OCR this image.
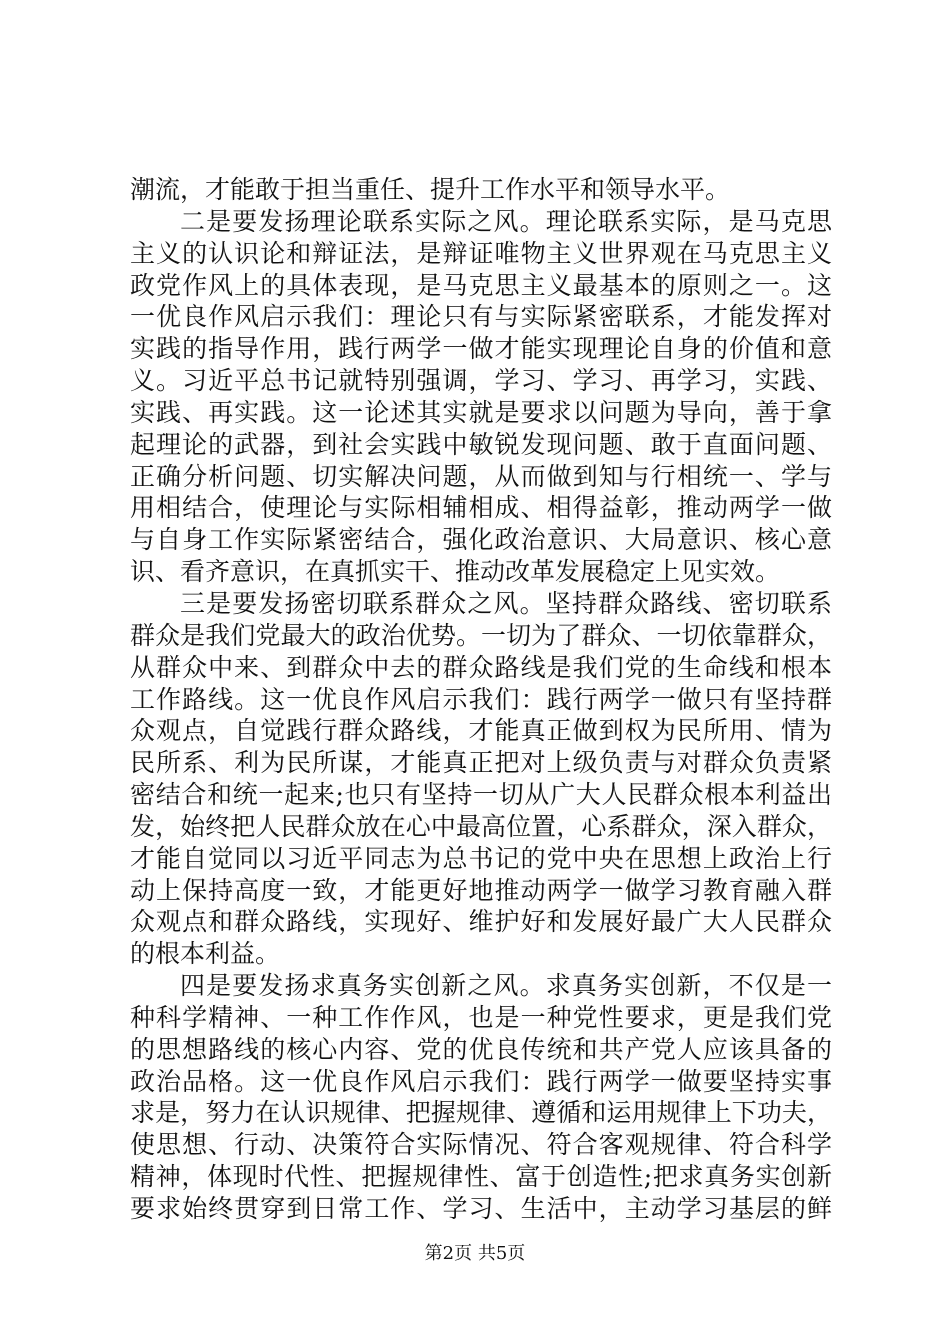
潮流，才能敢于担当重任、提升工作水平和领导水平。
二是要发扬理论联系实际之风。理论联系实际，是马克思
主义的认识论和辩证法，是辩证唯物主义世界观在马克思主义
政党作风上的具体表现，是马克思主义最基本的原则之一。这
一优良作风启示我们：理论只有与实际紧密联系，才能发挥对
实践的指导作用，践行两学一做才能实现理论自身的价值和意
义。习近平总书记就特别强调，学习、学习、再学习，实践、
实践、再实践。这一论述其实就是要求以问题为导向，善于拿
起理论的武器，到社会实践中敏锐发现问题、敢于直面问题、
正确分析问题、切实解决问题，从而做到知与行相统一、学与
用相结合，使理论与实际相辅相成、相得益彰，推动两学一做
与自身工作实际紧密结合，强化政治意识、大局意识、核心意
识、看齐意识，在真抓实干、推动改革发展稳定上见实效。
三是要发扬密切联系群众之风。坚持群众路线、密切联系
群众是我们党最大的政治优势。一切为了群众、一切依靠群众，
从群众中来、到群众中去的群众路线是我们党的生命线和根本
工作路线。这一优良作风启示我们：践行两学一做只有坚持群
众观点，自觉践行群众路线，才能真正做到权为民所用、情为
民所系、利为民所谋，才能真正把对上级负责与对群众负责紧
密结合和统一起来;也只有坚持一切从广大人民群众根本利益出
发，始终把人民群众放在心中最高位置，心系群众，深入群众，
才能自觉同以习近平同志为总书记的党中央在思想上政治上行
动上保持高度一致，才能更好地推动两学一做学习教育融入群
众观点和群众路线，实现好、维护好和发展好最广大人民群众
的根本利益。
四是要发扬求真务实创新之风。求真务实创新，不仅是一
种科学精神、一种工作作风，也是一种党性要求，更是我们党
的思想路线的核心内容、党的优良传统和共产党人应该具备的
政治品格。这一优良作风启示我们：践行两学一做要坚持实事
求是，努力在认识规律、把握规律、遵循和运用规律上下功夫，
使思想、行动、决策符合实际情况、符合客观规律、符合科学
精神，体现时代性、把握规律性、富于创造性;把求真务实创新
要求始终贯穿到日常工作、学习、生活中，主动学习基层的鲜
第2页 共5页
